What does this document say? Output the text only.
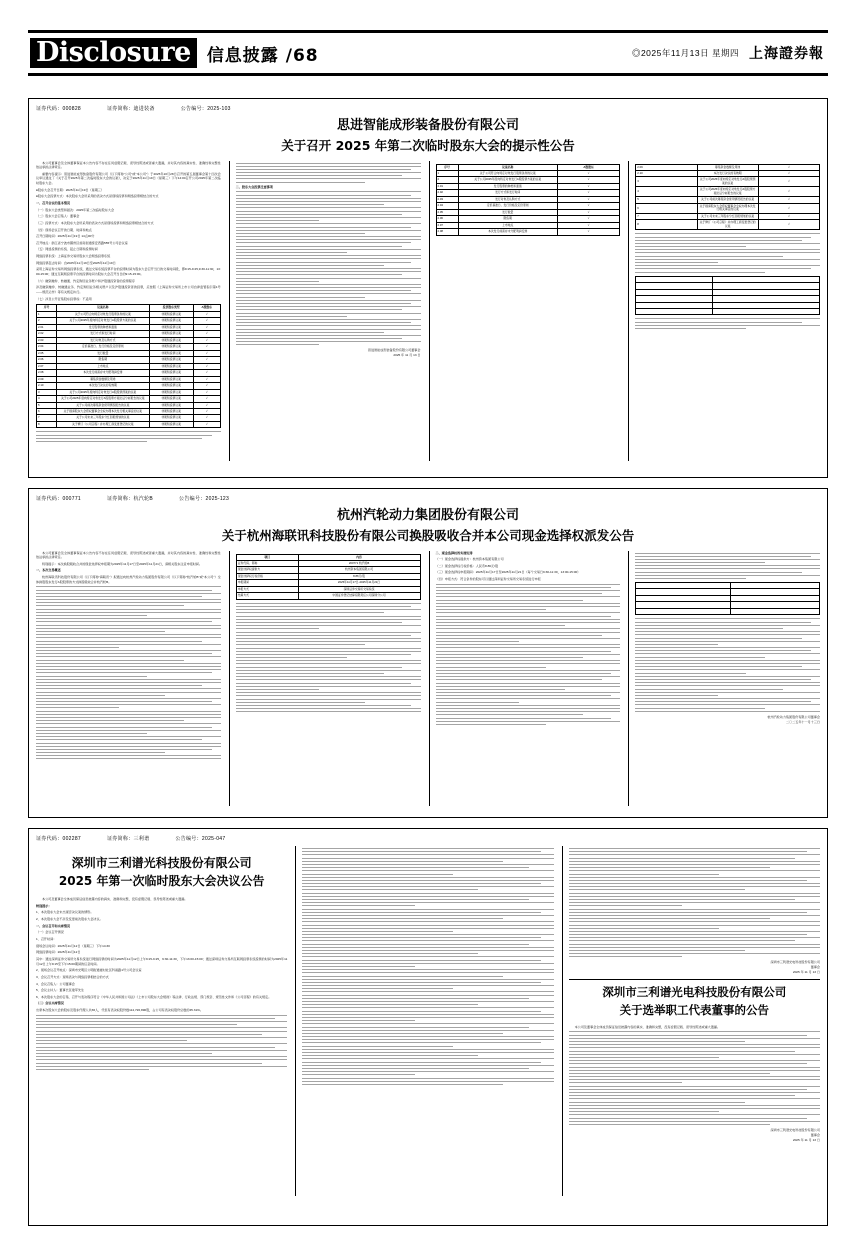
Disclosure 信息披露 /68	◎2025年11月13日 星期四 上海證券報
证券代码：000828	证券简称：迪进装备	公告编号：2025-103
思进智能成形装备股份有限公司
关于召开 2025 年第二次临时股东大会的提示性公告

本公司董事会及全体董事保证本公告内容不存在任何虚假记载、误导性陈述或者重大遗漏，并对其内容的真实性、准确性和完整性依法承担法律责任。

重要内容提示：思进智能成形装备股份有限公司（以下简称"公司"或"本公司"）于2025年10月28日召开的第五届董事会第十四次会议审议通过了《关于召开2025年第二次临时股东大会的议案》，决定于2025年11月19日（星期三）下午14:00召开公司2025年第二次临时股东大会。

●股东大会召开日期：2025年11月19日（星期三）

●股东大会投票方式：本次股东大会所采用的表决方式是现场投票和网络投票相结合的方式

一、召开会议的基本情况

（一）股东大会类型和届次：2025年第二次临时股东大会

（二）股东大会召集人：董事会

（三）投票方式：本次股东大会所采用的表决方式是现场投票和网络投票相结合的方式

（四）现场会议召开的日期、时间和地点

召开日期时间：2025年11月19日 14点00分

召开地点：浙江省宁波市鄞州区首南街道泰安西路555号公司会议室

（五）网络投票的系统、起止日期和投票时间

网络投票系统：上海证券交易所股东大会网络投票系统

网络投票起止时间：自2025年11月19日至2025年11月19日

采用上海证券交易所网络投票系统，通过交易系统投票平台的投票时间为股东大会召开当日的交易时间段，即9:15-9:25,9:30-11:30，13:00-15:00；通过互联网投票平台的投票时间为股东大会召开当日的9:15-15:00。

（六）融资融券、转融通、约定购回业务账户和沪股通投资者的投票程序

涉及融资融券、转融通业务、约定购回业务相关账户以及沪股通投资者的投票，应按照《上海证券交易所上市公司自律监管指引第1号——规范运作》等有关规定执行。

（七）涉及公开征集股东投票权：不适用

序号	议案名称	投票股东类型	A股股东
1	关于公司符合向特定对象发行股票条件的议案	非累积投票议案	√
2	关于公司2025年度向特定对象发行A股股票方案的议案	非累积投票议案	√
2.01	发行股票的种类和面值	非累积投票议案	√
2.02	发行方式和发行时间	非累积投票议案	√
2.03	发行对象及认购方式	非累积投票议案	√
2.04	定价基准日、发行价格及定价原则	非累积投票议案	√
2.05	发行数量	非累积投票议案	√
2.06	限售期	非累积投票议案	√
2.07	上市地点	非累积投票议案	√
2.08	本次发行前滚存未分配利润安排	非累积投票议案	√
2.09	募集资金数额及用途	非累积投票议案	√
2.10	本次发行决议的有效期	非累积投票议案	√
3	关于公司2025年度向特定对象发行A股股票预案的议案	非累积投票议案	√
4	关于公司2025年度向特定对象发行A股股票方案论证分析报告的议案	非累积投票议案	√
5	关于公司前次募集资金使用情况报告的议案	非累积投票议案	√
6	关于提请股东大会授权董事会全权办理本次发行相关事宜的议案	非累积投票议案	√
7	关于公司未来三年股东分红回报规划的议案	非累积投票议案	√
8	关于修订《公司章程》并办理工商变更登记的议案	非累积投票议案	√

二、股东大会投票注意事项

思进智能成形装备股份有限公司董事会
2025 年 11 月 13 日
序号	议案名称	A股股东
1	关于公司符合向特定对象发行股票条件的议案	√
2	关于公司2025年度向特定对象发行A股股票方案的议案	√
2.01	发行股票的种类和面值	√
2.02	发行方式和发行时间	√
2.03	发行对象及认购方式	√
2.04	定价基准日、发行价格及定价原则	√
2.05	发行数量	√
2.06	限售期	√
2.07	上市地点	√
2.08	本次发行前滚存未分配利润安排	√
2.09	募集资金数额及用途	√
2.10	本次发行决议的有效期	√
3	关于公司2025年度向特定对象发行A股股票预案的议案	√
4	关于公司2025年度向特定对象发行A股股票方案论证分析报告的议案	√
5	关于公司前次募集资金使用情况报告的议案	√
6	关于提请股东大会授权董事会全权办理本次发行相关事宜的议案	√
7	关于公司未来三年股东分红回报规划的议案	√
8	关于修订《公司章程》并办理工商变更登记的议案	√

证券代码：000771	证券简称：杭汽轮B	公告编号：2025-123
杭州汽轮动力集团股份有限公司
关于杭州海联讯科技股份有限公司换股吸收合并本公司现金选择权派发公告

本公司董事会及全体董事保证本公告内容不存在任何虚假记载、误导性陈述或者重大遗漏，并对其内容的真实性、准确性和完整性依法承担法律责任。

特别提示：本次换股吸收合并的现金选择权申报期为2025年11月17日至2025年11月21日，请相关股东注意申报时间。

一、本次交易概述

杭州海联讯科技股份有限公司（以下简称"海联讯"）拟通过向杭州汽轮动力集团股份有限公司（以下简称"杭汽轮B"或"本公司"）全体换股股东发行A股股票的方式换股吸收合并杭汽轮B。

项目	内容
证券代码、简称	200771 杭汽轮B
现金选择权提供方	杭州资本集团有限公司
现金选择权行权价格	8.86元/股
申报期间	2025年11月17日-2025年11月21日
申报方式	深圳证券交易所交易系统
结算方式	中国证券登记结算有限责任公司深圳分公司

二、现金选择权的实施安排

（一）现金选择权提供方：杭州资本集团有限公司

（二）现金选择权行权价格：人民币8.86元/股

（三）现金选择权申报期间：2025年11月17日至2025年11月21日（每个交易日9:30-11:30，13:00-15:00）

（四）申报方式：符合条件的股东可以通过深圳证券交易所交易系统进行申报

杭州汽轮动力集团股份有限公司董事会
二〇二五年十一月十三日
证券代码：002287	证券简称：三利谱	公告编号：2025-047
深圳市三利谱光科技股份有限公司
2025 年第一次临时股东大会决议公告

本公司及董事会全体成员保证信息披露内容的真实、准确和完整，没有虚假记载、误导性陈述或重大遗漏。

特别提示：

1、本次股东大会未出现否决议案的情形。

2、本次股东大会不涉及变更前次股东大会决议。

一、会议召开和出席情况

（一）会议召开情况

1、召开时间：

现场会议时间：2025年11月12日（星期三）下午14:30

网络投票时间：2025年11月12日

其中：通过深圳证券交易所交易系统进行网络投票的时间为2025年11月12日上午9:15-9:25，9:30-11:30，下午13:00-15:00；通过深圳证券交易所互联网投票系统投票的时间为2025年11月12日上午9:15至下午15:00期间的任意时间。

2、现场会议召开地点：深圳市光明区公明街道楼村社区科裕路1号公司会议室

3、会议召开方式：现场表决与网络投票相结合的方式

4、会议召集人：公司董事会

5、会议主持人：董事长张建军先生

6、本次股东大会的召集、召开与表决程序符合《中华人民共和国公司法》《上市公司股东大会规则》等法律、行政法规、部门规章、规范性文件和《公司章程》的有关规定。

（二）会议出席情况

出席本次股东大会的股东及股东代理人共36人，代表有表决权股份数114,726,890股，占公司有表决权股份总数的45.31%。

深圳市三利谱光电科技股份有限公司
董事会
2025 年 11 月 13 日
深圳市三利谱光电科技股份有限公司
关于选举职工代表董事的公告

本公司及董事会全体成员保证信息披露内容的真实、准确和完整，没有虚假记载、误导性陈述或重大遗漏。

深圳市三利谱光电科技股份有限公司
董事会
2025 年 11 月 13 日
